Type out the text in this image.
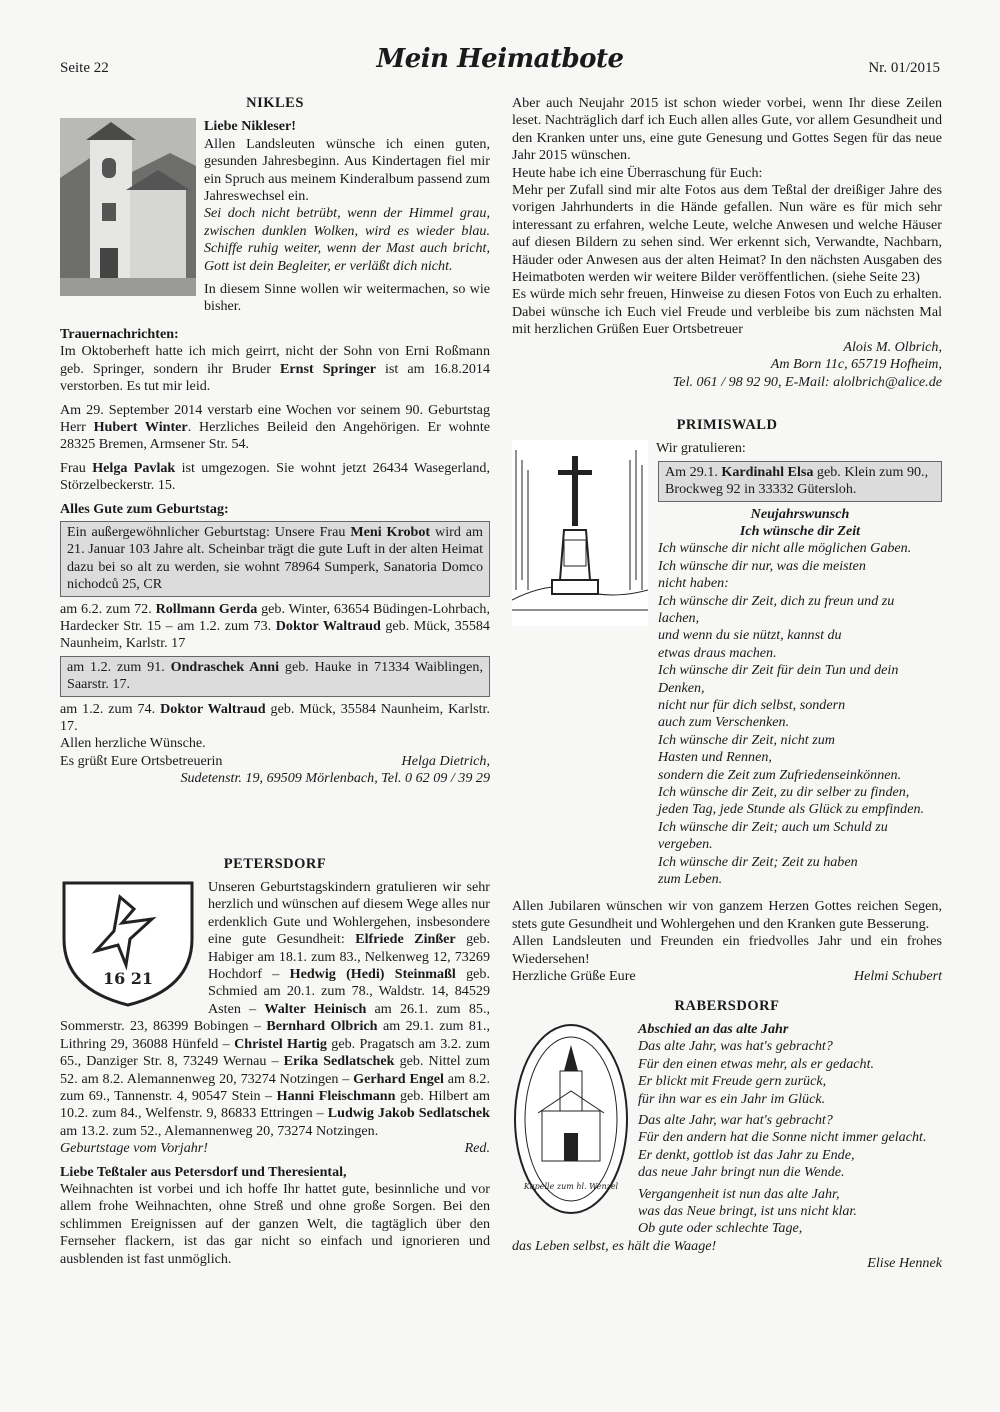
Seite 22	Mein Heimatbote	Nr. 01/2015
NIKLES

Liebe Nikleser!

Allen Landsleuten wünsche ich einen guten, gesunden Jahresbeginn. Aus Kindertagen fiel mir ein Spruch aus meinem Kinderalbum passend zum Jahreswechsel ein.

Sei doch nicht betrübt, wenn der Himmel grau, zwischen dunklen Wolken, wird es wieder blau. Schiffe ruhig weiter, wenn der Mast auch bricht, Gott ist dein Begleiter, er verläßt dich nicht.

In diesem Sinne wollen wir weitermachen, so wie bisher.

Trauernachrichten:

Im Oktoberheft hatte ich mich geirrt, nicht der Sohn von Erni Roßmann geb. Springer, sondern ihr Bruder Ernst Springer ist am 16.8.2014 verstorben. Es tut mir leid.

Am 29. September 2014 verstarb eine Wochen vor seinem 90. Geburtstag Herr Hubert Winter. Herzliches Beileid den Angehörigen. Er wohnte 28325 Bremen, Armsener Str. 54.

Frau Helga Pavlak ist umgezogen. Sie wohnt jetzt 26434 Wasegerland, Störzelbeckerstr. 15.

Alles Gute zum Geburtstag:

Ein außergewöhnlicher Geburtstag: Unsere Frau Meni Krobot wird am 21. Januar 103 Jahre alt. Scheinbar trägt die gute Luft in der alten Heimat dazu bei so alt zu werden, sie wohnt 78964 Sumperk, Sanatoria Domco nichodců 25, CR

am 6.2. zum 72. Rollmann Gerda geb. Winter, 63654 Büdingen-Lohrbach, Hardecker Str. 15 – am 1.2. zum 73. Doktor Waltraud geb. Mück, 35584 Naunheim, Karlstr. 17

am 1.2. zum 91. Ondraschek Anni geb. Hauke in 71334 Waiblingen, Saarstr. 17.

am 1.2. zum 74. Doktor Waltraud geb. Mück, 35584 Naunheim, Karlstr. 17.

Allen herzliche Wünsche.

Es grüßt Eure Ortsbetreuerin	Helga Dietrich,

Sudetenstr. 19, 69509 Mörlenbach, Tel. 0 62 09 / 39 29

PETERSDORF
16 21

Unseren Geburtstagskindern gratulieren wir sehr herzlich und wünschen auf diesem Wege alles nur erdenklich Gute und Wohlergehen, insbesondere eine gute Gesundheit: Elfriede Zinßer geb. Habiger am 18.1. zum 83., Nelkenweg 12, 73269 Hochdorf – Hedwig (Hedi) Steinmaßl geb. Schmied am 20.1. zum 78., Waldstr. 14, 84529 Asten – Walter Heinisch am 26.1. zum 85., Sommerstr. 23, 86399 Bobingen – Bernhard Olbrich am 29.1. zum 81., Lithring 29, 36088 Hünfeld – Christel Hartig geb. Pragatsch am 3.2. zum 65., Danziger Str. 8, 73249 Wernau – Erika Sedlatschek geb. Nittel zum 52. am 8.2. Alemannenweg 20, 73274 Notzingen – Gerhard Engel am 8.2. zum 69., Tannenstr. 4, 90547 Stein – Hanni Fleischmann geb. Hilbert am 10.2. zum 84., Welfenstr. 9, 86833 Ettringen – Ludwig Jakob Sedlatschek am 13.2. zum 52., Alemannenweg 20, 73274 Notzingen.

Geburtstage vom Vorjahr!	Red.

Liebe Teßtaler aus Petersdorf und Theresiental,

Weihnachten ist vorbei und ich hoffe Ihr hattet gute, besinnliche und vor allem frohe Weihnachten, ohne Streß und ohne große Sorgen. Bei den schlimmen Ereignissen auf der ganzen Welt, die tagtäglich über den Fernseher flackern, ist das gar nicht so einfach und ignorieren und ausblenden ist fast unmöglich.

Aber auch Neujahr 2015 ist schon wieder vorbei, wenn Ihr diese Zeilen leset. Nachträglich darf ich Euch allen alles Gute, vor allem Gesundheit und den Kranken unter uns, eine gute Genesung und Gottes Segen für das neue Jahr 2015 wünschen.

Heute habe ich eine Überraschung für Euch:

Mehr per Zufall sind mir alte Fotos aus dem Teßtal der dreißiger Jahre des vorigen Jahrhunderts in die Hände gefallen. Nun wäre es für mich sehr interessant zu erfahren, welche Leute, welche Anwesen und welche Häuser auf diesen Bildern zu sehen sind. Wer erkennt sich, Verwandte, Nachbarn, Häuder oder Anwesen aus der alten Heimat? In den nächsten Ausgaben des Heimatboten werden wir weitere Bilder veröffentlichen. (siehe Seite 23)

Es würde mich sehr freuen, Hinweise zu diesen Fotos von Euch zu erhalten. Dabei wünsche ich Euch viel Freude und verbleibe bis zum nächsten Mal mit herzlichen Grüßen Euer Ortsbetreuer

Alois M. Olbrich,

Am Born 11c, 65719 Hofheim,

Tel. 061 / 98 92 90, E-Mail: alolbrich@alice.de

PRIMISWALD

Wir gratulieren:

Am 29.1. Kardinahl Elsa geb. Klein zum 90., Brockweg 92 in 33332 Gütersloh.

Neujahrswunsch

Ich wünsche dir Zeit

Ich wünsche dir nicht alle möglichen Gaben.
Ich wünsche dir nur, was die meisten
nicht haben:
Ich wünsche dir Zeit, dich zu freun und zu
lachen,
und wenn du sie nützt, kannst du
etwas draus machen.
Ich wünsche dir Zeit für dein Tun und dein
Denken,
nicht nur für dich selbst, sondern
auch zum Verschenken.
Ich wünsche dir Zeit, nicht zum
Hasten und Rennen,
sondern die Zeit zum Zufriedenseinkönnen.
Ich wünsche dir Zeit, zu dir selber zu finden,
jeden Tag, jede Stunde als Glück zu empfinden.
Ich wünsche dir Zeit; auch um Schuld zu
vergeben.
Ich wünsche dir Zeit; Zeit zu haben
zum Leben.

Allen Jubilaren wünschen wir von ganzem Herzen Gottes reichen Segen, stets gute Gesundheit und Wohlergehen und den Kranken gute Besserung.

Allen Landsleuten und Freunden ein friedvolles Jahr und ein frohes Wiedersehen!

Herzliche Grüße Eure	Helmi Schubert
RABERSDORF
Kapelle zum hl. Wenzel

Abschied an das alte Jahr

Das alte Jahr, was hat's gebracht?
Für den einen etwas mehr, als er gedacht.
Er blickt mit Freude gern zurück,
für ihn war es ein Jahr im Glück.
Das alte Jahr, war hat's gebracht?
Für den andern hat die Sonne nicht immer gelacht.
Er denkt, gottlob ist das Jahr zu Ende,
das neue Jahr bringt nun die Wende.
Vergangenheit ist nun das alte Jahr,
was das Neue bringt, ist uns nicht klar.
Ob gute oder schlechte Tage,
das Leben selbst, es hält die Waage!

Elise Hennek
